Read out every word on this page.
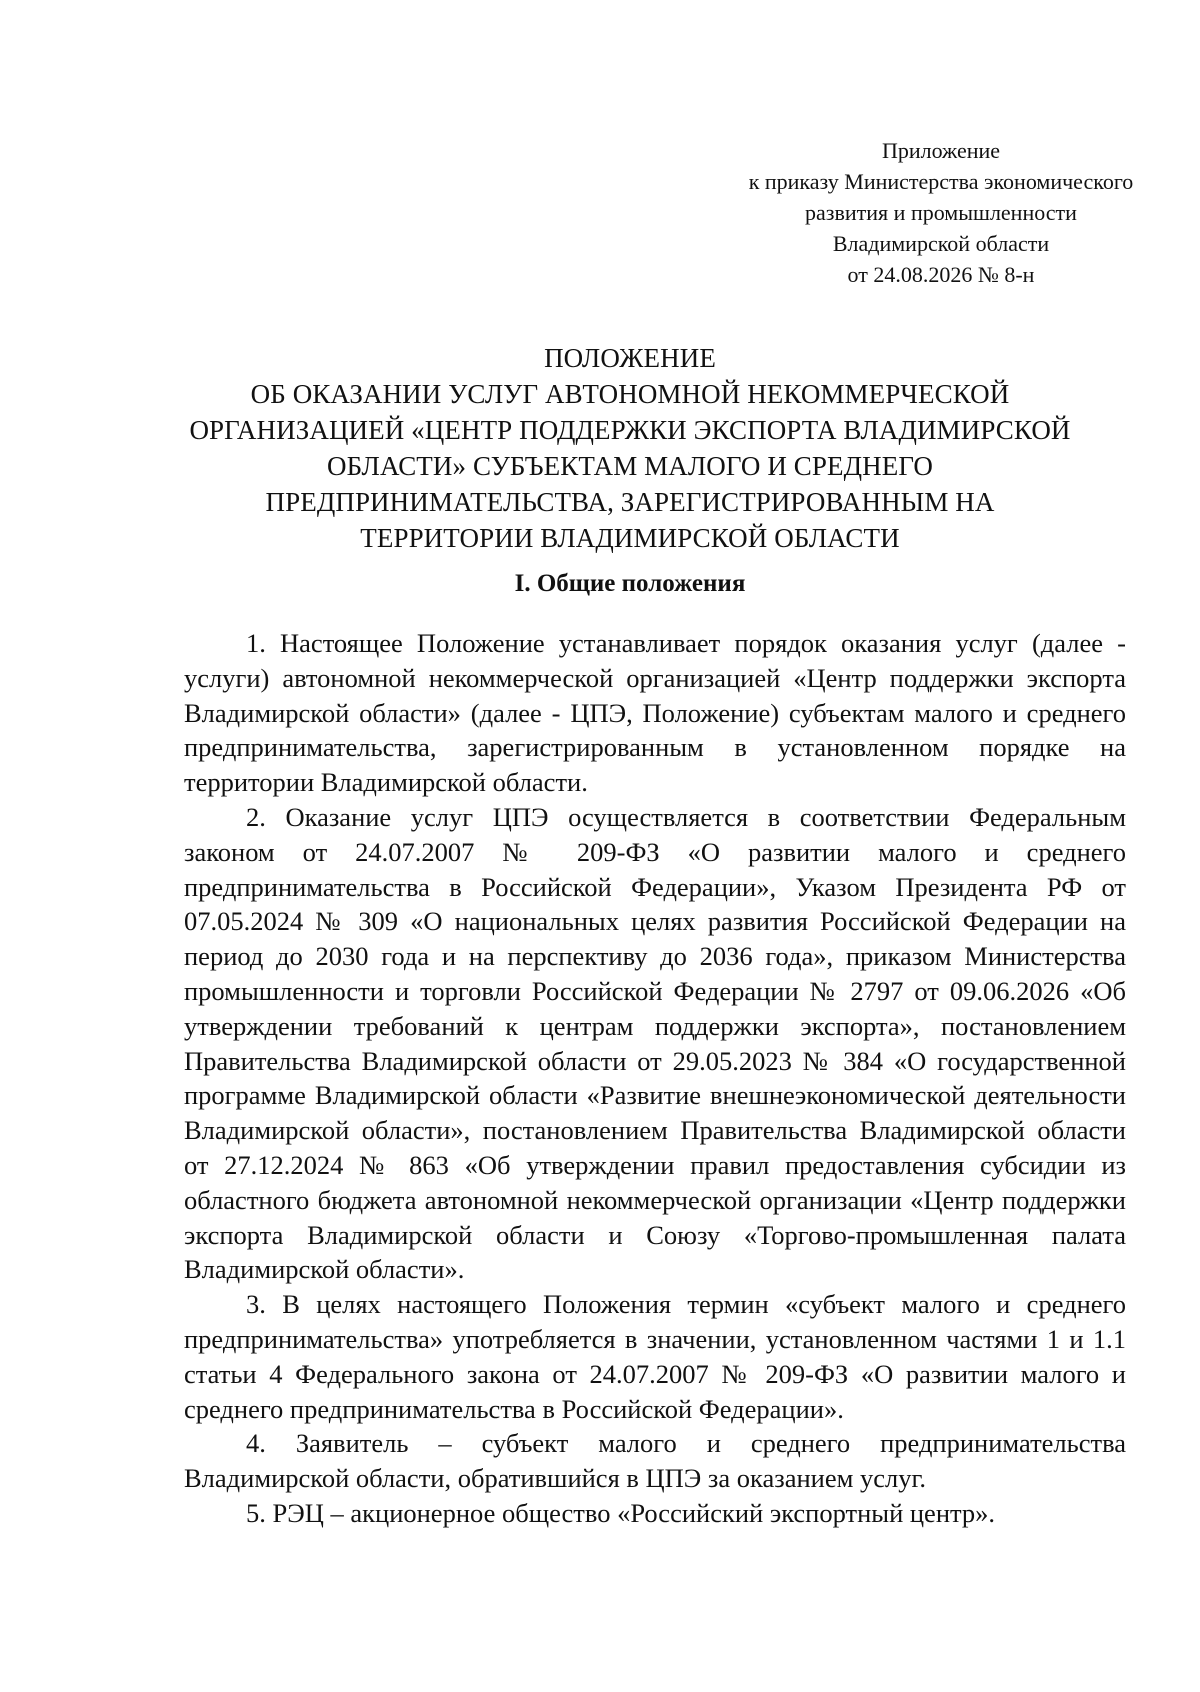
Приложение
к приказу Министерства экономического
развития и промышленности
Владимирской области
от 24.08.2026 № 8-н
ПОЛОЖЕНИЕ
ОБ ОКАЗАНИИ УСЛУГ АВТОНОМНОЙ НЕКОММЕРЧЕСКОЙ
ОРГАНИЗАЦИЕЙ «ЦЕНТР ПОДДЕРЖКИ ЭКСПОРТА ВЛАДИМИРСКОЙ
ОБЛАСТИ» СУБЪЕКТАМ МАЛОГО И СРЕДНЕГО
ПРЕДПРИНИМАТЕЛЬСТВА, ЗАРЕГИСТРИРОВАННЫМ НА
ТЕРРИТОРИИ ВЛАДИМИРСКОЙ ОБЛАСТИ
I. Общие положения

1. Настоящее Положение устанавливает порядок оказания услуг (далее - услуги) автономной некоммерческой организацией «Центр поддержки экспорта Владимирской области» (далее - ЦПЭ, Положение) субъектам малого и среднего предпринимательства, зарегистрированным в установленном порядке на территории Владимирской области.

2. Оказание услуг ЦПЭ осуществляется в соответствии Федеральным законом от 24.07.2007 № 209-ФЗ «О развитии малого и среднего предпринимательства в Российской Федерации», Указом Президента РФ от 07.05.2024 № 309 «О национальных целях развития Российской Федерации на период до 2030 года и на перспективу до 2036 года», приказом Министерства промышленности и торговли Российской Федерации № 2797 от 09.06.2026 «Об утверждении требований к центрам поддержки экспорта», постановлением Правительства Владимирской области от 29.05.2023 № 384 «О государственной программе Владимирской области «Развитие внешнеэкономической деятельности Владимирской области», постановлением Правительства Владимирской области от 27.12.2024 № 863 «Об утверждении правил предоставления субсидии из областного бюджета автономной некоммерческой организации «Центр поддержки экспорта Владимирской области и Союзу «Торгово-промышленная палата Владимирской области».

3. В целях настоящего Положения термин «субъект малого и среднего предпринимательства» употребляется в значении, установленном частями 1 и 1.1 статьи 4 Федерального закона от 24.07.2007 № 209-ФЗ «О развитии малого и среднего предпринимательства в Российской Федерации».

4. Заявитель – субъект малого и среднего предпринимательства Владимирской области, обратившийся в ЦПЭ за оказанием услуг.

5. РЭЦ – акционерное общество «Российский экспортный центр».
